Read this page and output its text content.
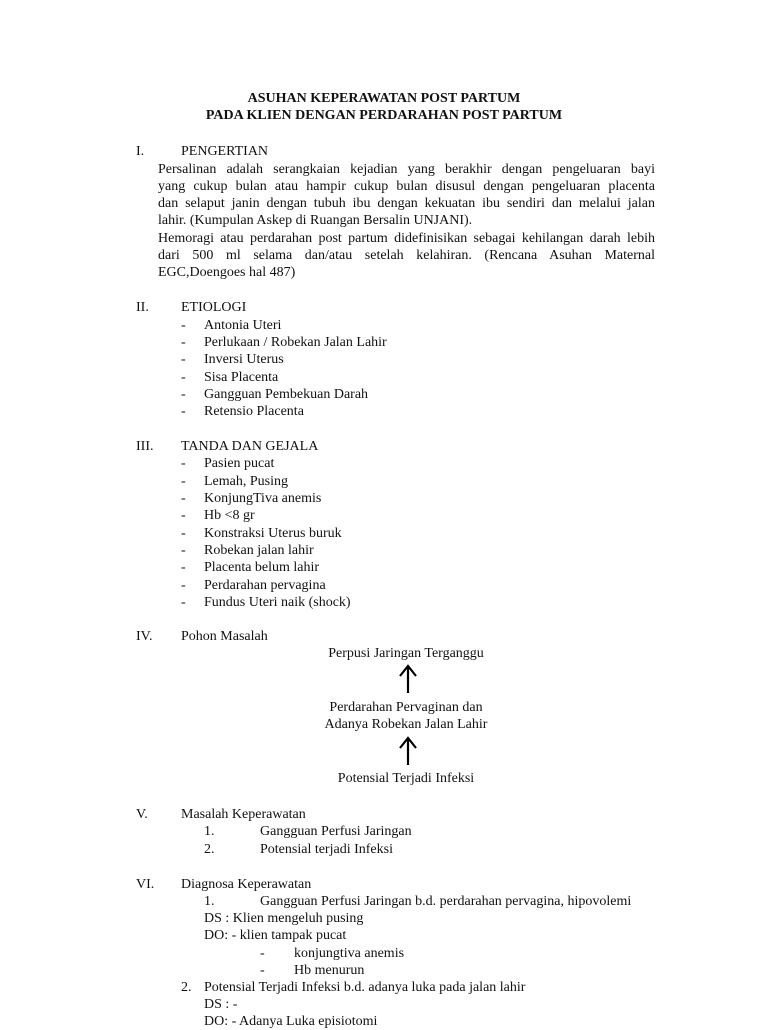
ASUHAN KEPERAWATAN POST PARTUM
PADA KLIEN DENGAN PERDARAHAN POST PARTUM
I.	PENGERTIAN
Persalinan adalah serangkaian kejadian yang berakhir dengan pengeluaran bayi
yang cukup bulan atau hampir cukup bulan disusul dengan pengeluaran placenta
dan selaput janin dengan tubuh ibu dengan kekuatan ibu sendiri dan melalui jalan
lahir. (Kumpulan Askep di Ruangan Bersalin UNJANI).
Hemoragi atau perdarahan post partum didefinisikan sebagai kehilangan darah lebih
dari 500 ml selama dan/atau setelah kelahiran. (Rencana Asuhan Maternal
EGC,Doengoes hal 487)
II. ETIOLOGI
- Antonia Uteri
- Perlukaan / Robekan Jalan Lahir
- Inversi Uterus
- Sisa Placenta
- Gangguan Pembekuan Darah
- Retensio Placenta
III. TANDA DAN GEJALA
- Pasien pucat
- Lemah, Pusing
- KonjungTiva anemis
- Hb <8 gr
- Konstraksi Uterus buruk
- Robekan jalan lahir
- Placenta belum lahir
- Perdarahan pervagina
- Fundus Uteri naik (shock)
IV. Pohon Masalah
Perpusi Jaringan Terganggu
Perdarahan Pervaginan dan
Adanya Robekan Jalan Lahir
Potensial Terjadi Infeksi
V. Masalah Keperawatan
1.	Gangguan Perfusi Jaringan
2.	Potensial terjadi Infeksi
VI. Diagnosa Keperawatan
1.	Gangguan Perfusi Jaringan b.d. perdarahan pervagina, hipovolemi
DS : Klien mengeluh pusing
DO: - klien tampak pucat
- konjungtiva anemis
- Hb menurun
2. Potensial Terjadi Infeksi b.d. adanya luka pada jalan lahir
DS : -
DO: - Adanya Luka episiotomi
